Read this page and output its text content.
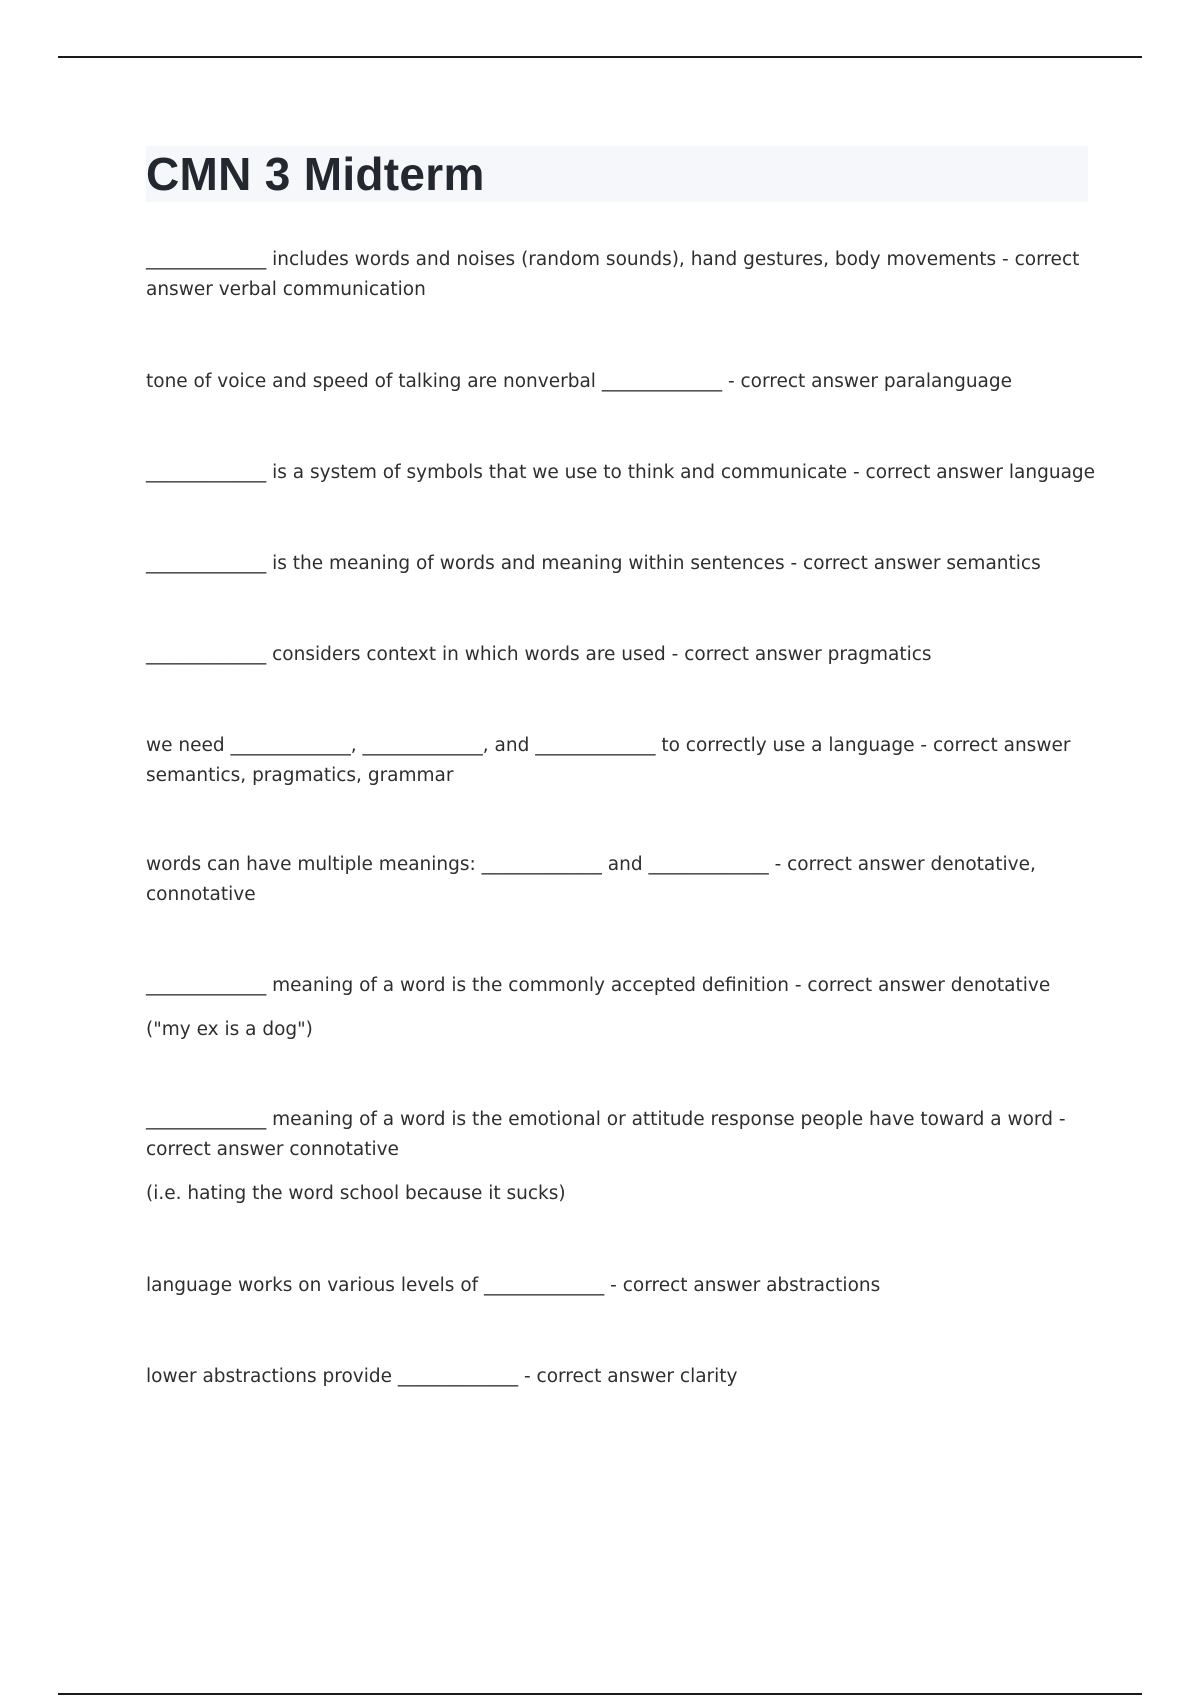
CMN 3 Midterm

_____________ includes words and noises (random sounds), hand gestures, body movements - correct answer verbal communication

tone of voice and speed of talking are nonverbal _____________ - correct answer paralanguage

_____________ is a system of symbols that we use to think and communicate - correct answer language

_____________ is the meaning of words and meaning within sentences - correct answer semantics

_____________ considers context in which words are used - correct answer pragmatics

we need _____________, _____________, and _____________ to correctly use a language - correct answer semantics, pragmatics, grammar

words can have multiple meanings: _____________ and _____________ - correct answer denotative, connotative

_____________ meaning of a word is the commonly accepted definition - correct answer denotative

("my ex is a dog")

_____________ meaning of a word is the emotional or attitude response people have toward a word - correct answer connotative

(i.e. hating the word school because it sucks)

language works on various levels of _____________ - correct answer abstractions

lower abstractions provide _____________ - correct answer clarity
